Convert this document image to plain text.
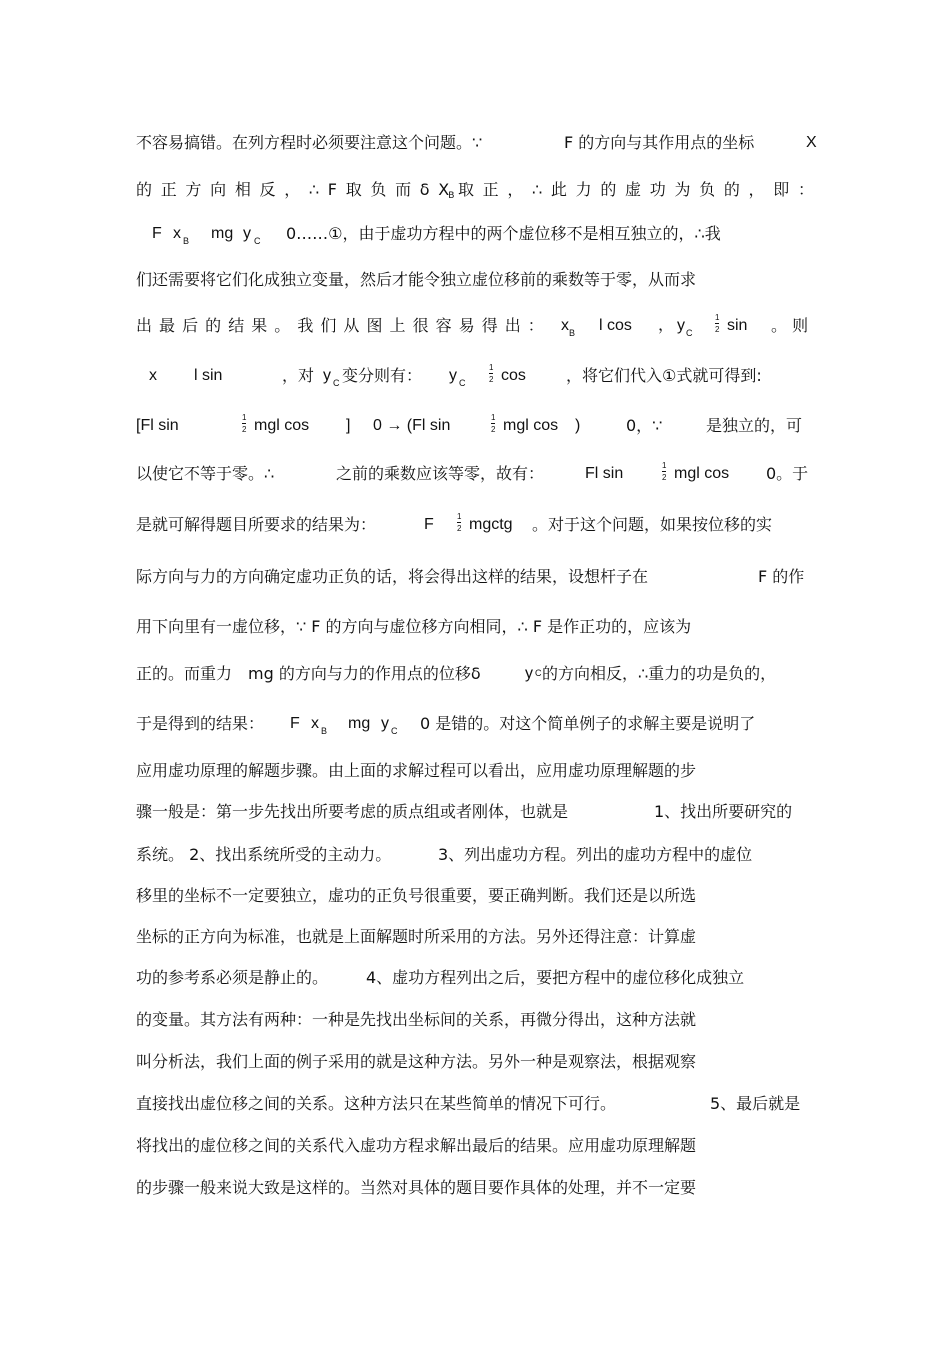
不容易搞错。在列方程时必须要注意这个问题。∵	F 的方向与其作用点的坐标	X
的 正 方 向 相 反 ， ∴ F 取 负 而 δ X B 取 正 ， ∴ 此 力 的 虚 功 为 负 的 ， 即 ：
F x B mg y C 0……①，由于虚功方程中的两个虚位移不是相互独立的，∴我
们还需要将它们化成独立变量，然后才能令独立虚位移前的乘数等于零，从而求
出 最 后 的 结 果 。 我 们 从 图 上 很 容 易 得 出 ： x B l cos ， y C
1
2 sin 。 则
x l sin	，对 y C 变分则有： y C
1
2 cos	，将它们代入①式就可得到:
[Fl sin	1
2 mgl cos ] 0 → (Fl sin	1
2 mgl cos )	0，∵	是独立的，可
以使它不等于零。∴	之前的乘数应该等零，故有：	Fl sin	1
2 mgl cos 0。于
是就可解得题目所要求的结果为：	F	1
2 mgctg 。对于这个问题，如果按位移的实
际方向与力的方向确定虚功正负的话，将会得出这样的结果，设想杆子在	F 的作
用下向里有一虚位移，∵ F 的方向与虚位移方向相同，∴ F 是作正功的，应该为
正的。而重力 mg 的方向与力的作用点的位移δ	y C 的方向相反，∴重力的功是负的，
于是得到的结果： F x B mg y C 0 是错的。对这个简单例子的求解主要是说明了
应用虚功原理的解题步骤。由上面的求解过程可以看出，应用虚功原理解题的步
骤一般是：第一步先找出所要考虑的质点组或者刚体，也就是	1、找出所要研究的
系统。 2、找出系统所受的主动力。	3、列出虚功方程。列出的虚功方程中的虚位
移里的坐标不一定要独立，虚功的正负号很重要，要正确判断。我们还是以所选
坐标的正方向为标准，也就是上面解题时所采用的方法。另外还得注意：计算虚
功的参考系必须是静止的。 4、虚功方程列出之后，要把方程中的虚位移化成独立
的变量。其方法有两种：一种是先找出坐标间的关系，再微分得出，这种方法就
叫分析法，我们上面的例子采用的就是这种方法。另外一种是观察法，根据观察
直接找出虚位移之间的关系。这种方法只在某些简单的情况下可行。	5、最后就是
将找出的虚位移之间的关系代入虚功方程求解出最后的结果。应用虚功原理解题
的步骤一般来说大致是这样的。当然对具体的题目要作具体的处理，并不一定要
